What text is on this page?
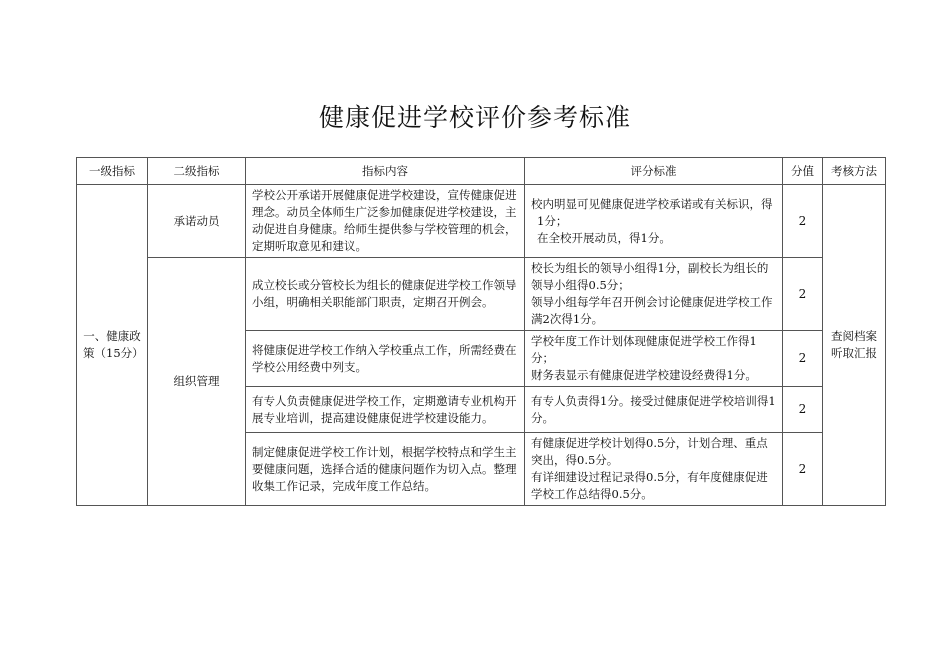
健康促进学校评价参考标准
一级指标	二级指标	指标内容	评分标准	分值	考核方法

一、健康政
策（15分）	承诺动员	学校公开承诺开展健康促进学校建设，宣传健康促进理念。动员全体师生广泛参加健康促进学校建设，主动促进自身健康。给师生提供参与学校管理的机会，定期听取意见和建议。	校内明显可见健康促进学校承诺或有关标识，得
1分；
在全校开展动员，得1分。	2	查阅档案
听取汇报

	组织管理	成立校长或分管校长为组长的健康促进学校工作领导小组，明确相关职能部门职责，定期召开例会。	校长为组长的领导小组得1分，副校长为组长的领导小组得0.5分；
领导小组每学年召开例会讨论健康促进学校工作满2次得1分。	2	
		将健康促进学校工作纳入学校重点工作，所需经费在学校公用经费中列支。	学校年度工作计划体现健康促进学校工作得1分；
财务表显示有健康促进学校建设经费得1分。	2	
		有专人负责健康促进学校工作，定期邀请专业机构开展专业培训，提高建设健康促进学校建设能力。	有专人负责得1分。接受过健康促进学校培训得1分。	2	
		制定健康促进学校工作计划，根据学校特点和学生主要健康问题，选择合适的健康问题作为切入点。整理收集工作记录，完成年度工作总结。	有健康促进学校计划得0.5分，计划合理、重点突出，得0.5分。
有详细建设过程记录得0.5分，有年度健康促进学校工作总结得0.5分。	2	
